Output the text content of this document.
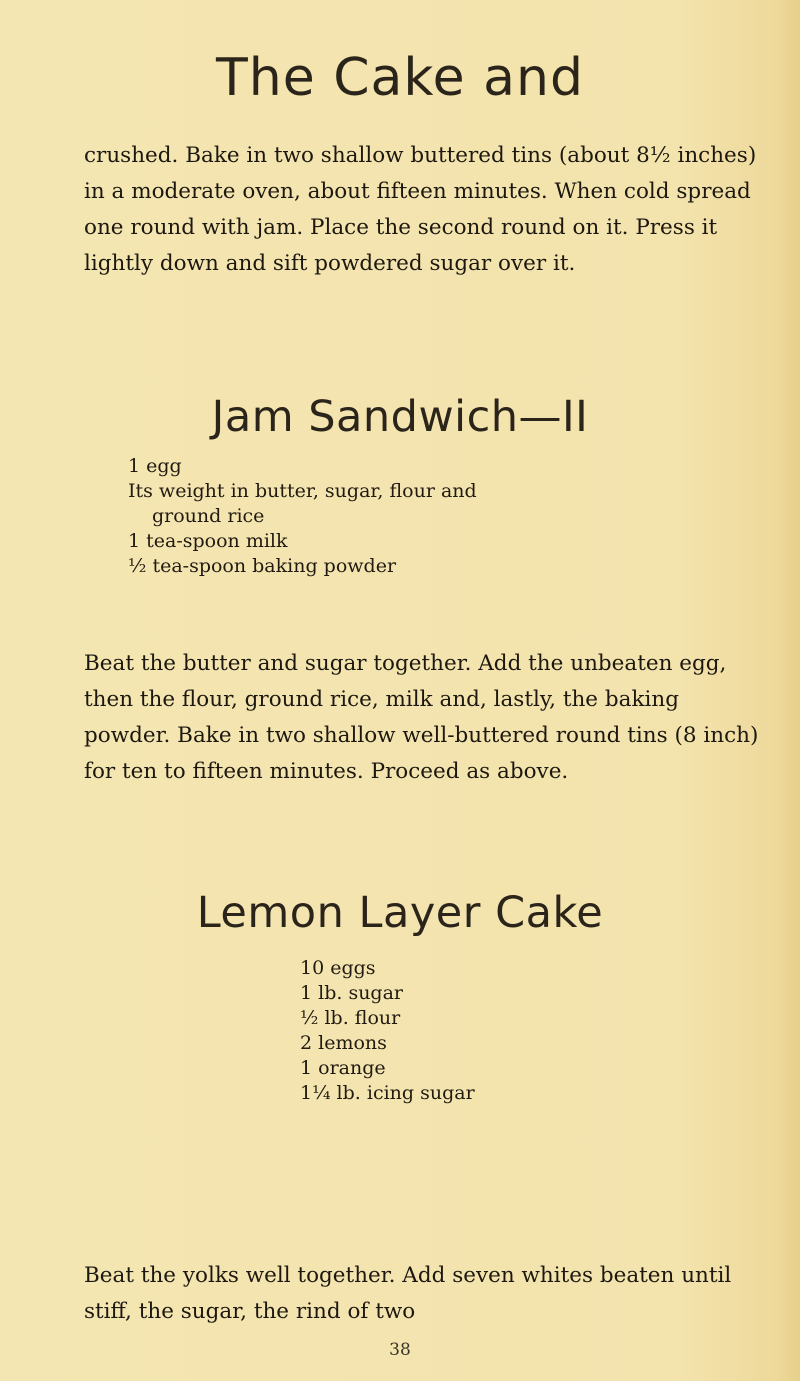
The Cake and

crushed. Bake in two shallow buttered tins (about 8½ inches) in a moderate oven, about fifteen minutes. When cold spread one round with jam. Place the second round on it. Press it lightly down and sift powdered sugar over it.

Jam Sandwich—II
1 egg
Its weight in butter, sugar, flour and
ground rice
1 tea-spoon milk
½ tea-spoon baking powder

Beat the butter and sugar together. Add the unbeaten egg, then the flour, ground rice, milk and, lastly, the baking powder. Bake in two shallow well-buttered round tins (8 inch) for ten to fifteen minutes. Proceed as above.

Lemon Layer Cake
10 eggs
1 lb. sugar
½ lb. flour
2 lemons
1 orange
1¼ lb. icing sugar

Beat the yolks well together. Add seven whites beaten until stiff, the sugar, the rind of two

38
